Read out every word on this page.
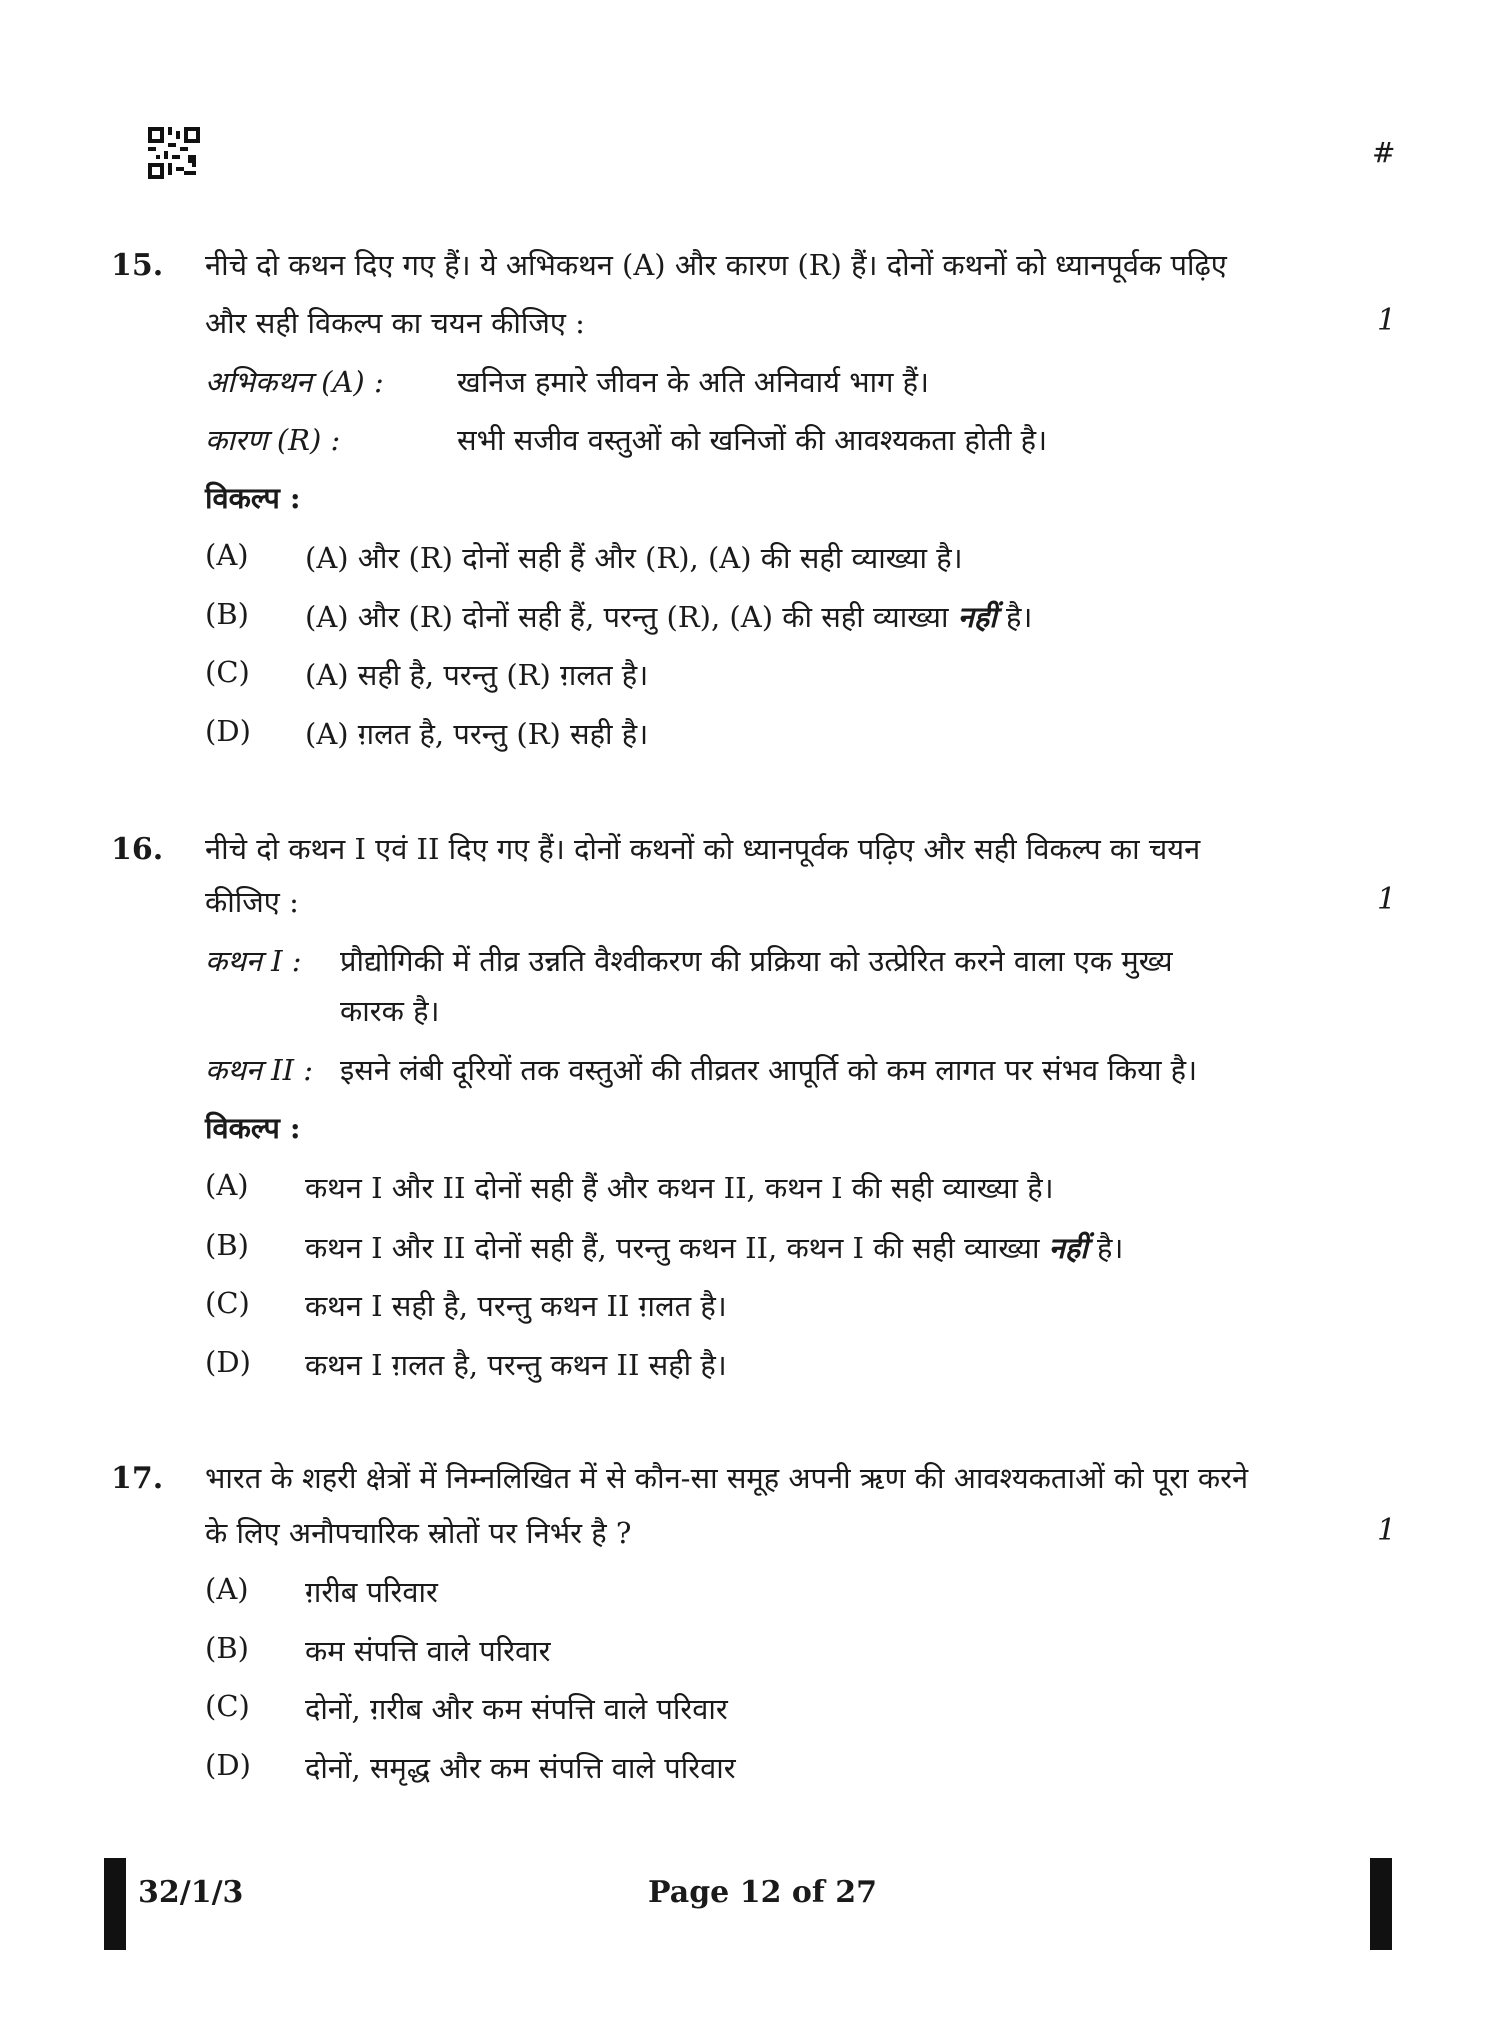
#
15. नीचे दो कथन दिए गए हैं। ये अभिकथन (A) और कारण (R) हैं। दोनों कथनों को ध्यानपूर्वक पढ़िए
और सही विकल्प का चयन कीजिए :	1
अभिकथन (A) :	खनिज हमारे जीवन के अति अनिवार्य भाग हैं।
कारण (R) :	सभी सजीव वस्तुओं को खनिजों की आवश्यकता होती है।
विकल्प :
(A) (A) और (R) दोनों सही हैं और (R), (A) की सही व्याख्या है।
(B) (A) और (R) दोनों सही हैं, परन्तु (R), (A) की सही व्याख्या नहीं है।
(C) (A) सही है, परन्तु (R) ग़लत है।
(D) (A) ग़लत है, परन्तु (R) सही है।
16. नीचे दो कथन I एवं II दिए गए हैं। दोनों कथनों को ध्यानपूर्वक पढ़िए और सही विकल्प का चयन
कीजिए :	1
कथन I : प्रौद्योगिकी में तीव्र उन्नति वैश्वीकरण की प्रक्रिया को उत्प्रेरित करने वाला एक मुख्य
कारक है।
कथन II : इसने लंबी दूरियों तक वस्तुओं की तीव्रतर आपूर्ति को कम लागत पर संभव किया है।
विकल्प :
(A) कथन I और II दोनों सही हैं और कथन II, कथन I की सही व्याख्या है।
(B) कथन I और II दोनों सही हैं, परन्तु कथन II, कथन I की सही व्याख्या नहीं है।
(C) कथन I सही है, परन्तु कथन II ग़लत है।
(D) कथन I ग़लत है, परन्तु कथन II सही है।
17. भारत के शहरी क्षेत्रों में निम्नलिखित में से कौन-सा समूह अपनी ऋण की आवश्यकताओं को पूरा करने
के लिए अनौपचारिक स्रोतों पर निर्भर है ?	1
(A) ग़रीब परिवार
(B) कम संपत्ति वाले परिवार
(C) दोनों, ग़रीब और कम संपत्ति वाले परिवार
(D) दोनों, समृद्ध और कम संपत्ति वाले परिवार
32/1/3	Page 12 of 27
